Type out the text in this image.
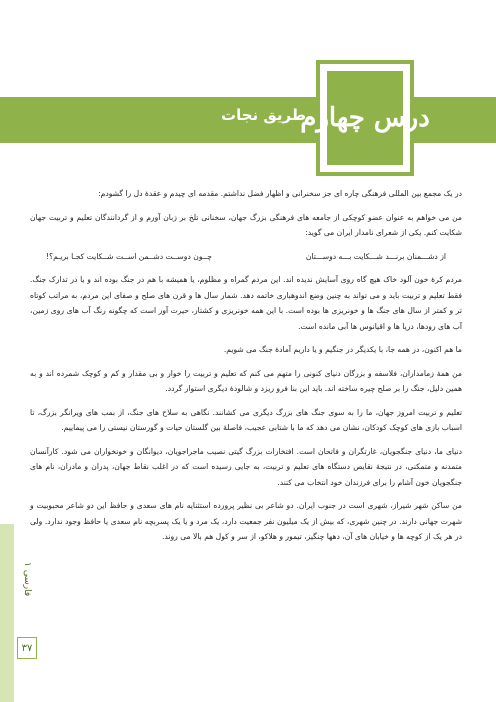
درس چهارم
طریق نجات

در یک مجمع بین المللی فرهنگی چاره ای جز سخنرانی و اظهار فضل نداشتم. مقدمه ای چیدم و عقدهٔ دل را گشودم:

من می خواهم به عنوان عضو کوچکی از جامعه های فرهنگی بزرگ جهان، سخنانی تلخ بر زبان آورم و از گردانندگان تعلیم و تربیت جهان شکایت کنم. یکی از شعرای نامدار ایران می گوید:

از دشـــمنان برنـــد شـــکایت بـــه دوســـتان
چــون دوســت دشــمن اســت شــکایت کجـا بریـم؟!

مردم کرهٔ خون آلود خاک هیچ گاه روی آسایش ندیده اند. این مردم گمراه و مظلوم، یا همیشه با هم در جنگ بوده اند و یا در تدارک جنگ. فقط تعلیم و تربیت باید و می تواند به چنین وضع اندوهباری خاتمه دهد. شمار سال ها و قرن های صلح و صفای این مردم، به مراتب کوتاه تر و کمتر از سال های جنگ ها و خونریزی ها بوده است. با این همه خونریزی و کشتار، حیرت آور است که چگونه رنگ آب های روی زمین، آب های رودها، دریا ها و اقیانوس ها آبی مانده است.

ما هم اکنون، در همه جا، با یکدیگر در جنگیم و یا داریم آمادهٔ جنگ می شویم.

من همهٔ زمامداران، فلاسفه و بزرگان دنیای کنونی را متهم می کنم که تعلیم و تربیت را خوار و بی مقدار و کم و کوچک شمرده اند و به همین دلیل، جنگ را بر صلح چیره ساخته اند. باید این بنا فرو ریزد و شالودهٔ دیگری استوار گردد.

تعلیم و تربیت امروز جهان، ما را به سوی جنگ های بزرگ دیگری می کشانند. نگاهی به سلاح های جنگ، از بمب های ویرانگر بزرگ، تا اسباب بازی های کوچک کودکان، نشان می دهد که ما با شتابی عجیب، فاصلهٔ بین گلستان حیات و گورستان نیستی را می پیماییم.

دنیای ما، دنیای جنگجویان، غارتگران و فاتحان است. افتخارات بزرگ گیتی نصیب ماجراجویان، دیوانگان و خونخواران می شود. کارآنسان متمدنه و متمکنی، در نتیجهٔ نقایص دستگاه های تعلیم و تربیت، به جایی رسیده است که در اغلب نقاط جهان، پدران و مادران، نام های جنگجویان خون آشام را برای فرزندان خود انتخاب می کنند.

من ساکن شهر شیراز، شهری است در جنوب ایران. دو شاعر بی نظیر پرورده استثنایه نام های سعدی و حافظ این دو شاعر محبوبیت و شهرت جهانی دارند. در چنین شهری، که بیش از یک میلیون نفر جمعیت دارد، یک مرد و یا یک پسربچه نام سعدی یا حافظ وجود ندارد. ولی در هر یک از کوچه ها و خیابان های آن، دهها چنگیز، تیمور و هلاکو، از سر و کول هم بالا می روند.

فارسی ۱
۳۷
